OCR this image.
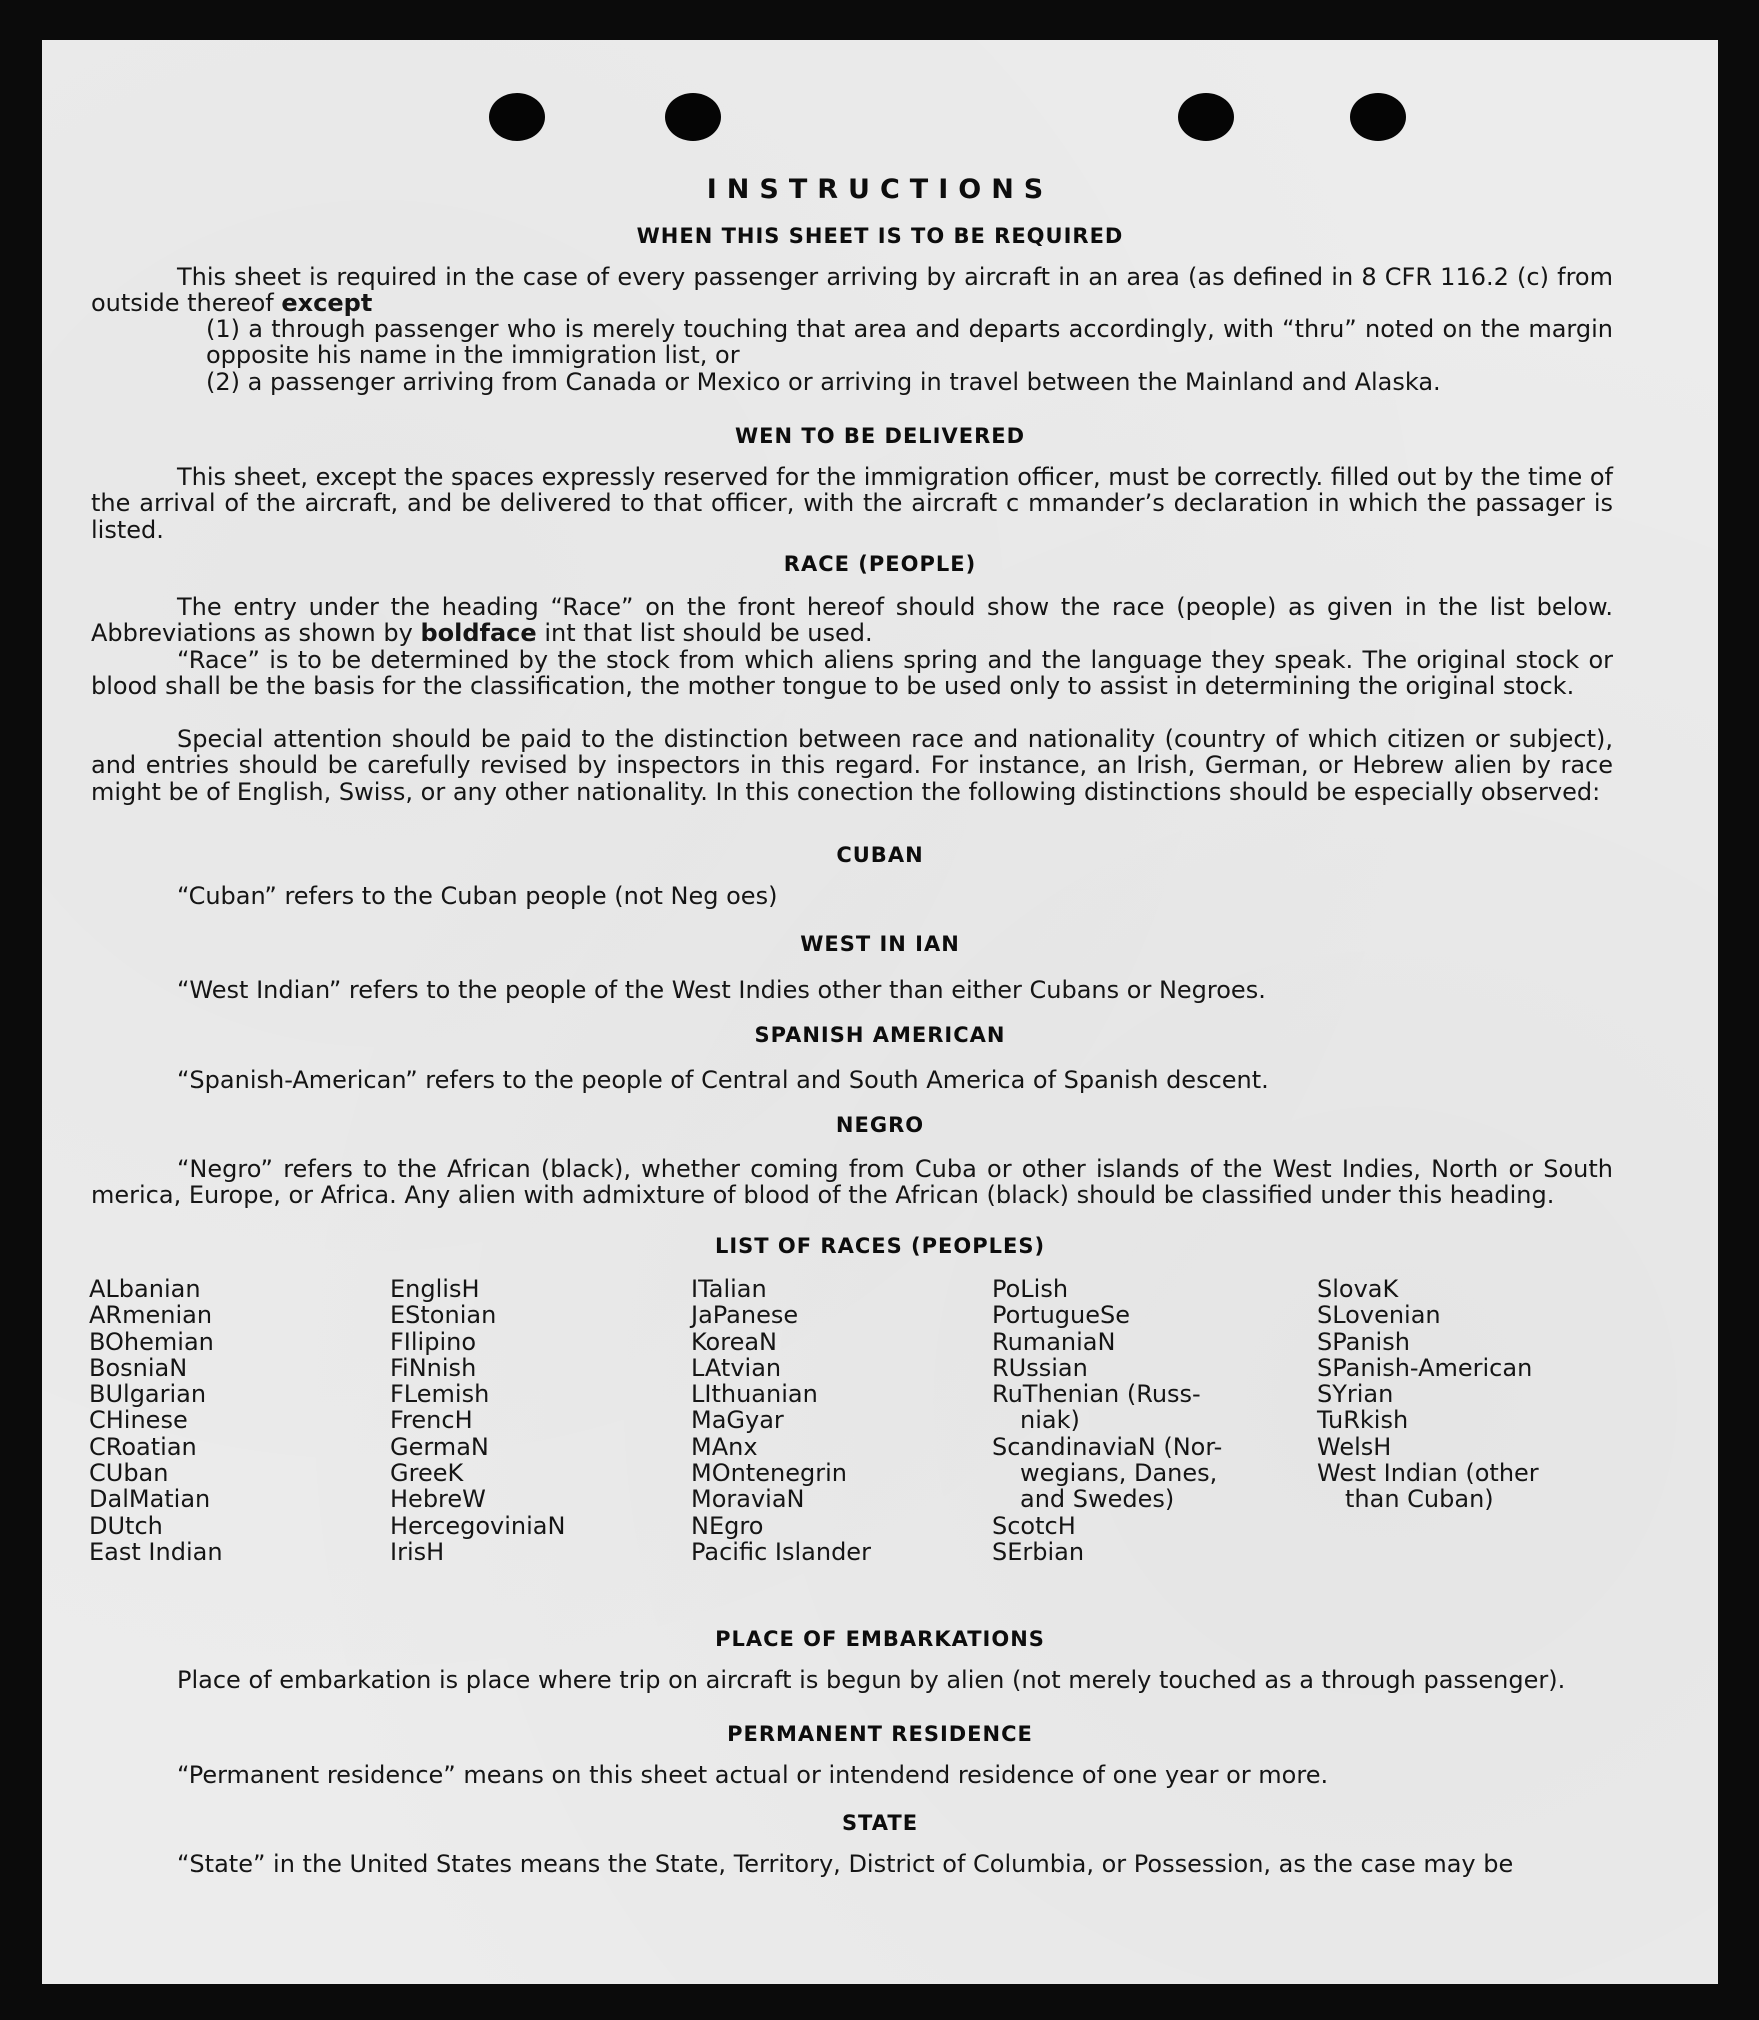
INSTRUCTIONS
WHEN THIS SHEET IS TO BE REQUIRED

This sheet is required in the case of every passenger arriving by aircraft in an area (as defined in 8 CFR 116.2 (c) from outside thereof except

(1) a through passenger who is merely touching that area and departs accordingly, with “thru” noted on the margin opposite his name in the immigration list, or

(2) a passenger arriving from Canada or Mexico or arriving in travel between the Mainland and Alaska.

WEN TO BE DELIVERED

This sheet, except the spaces expressly reserved for the immigration officer, must be correctly. filled out by the time of the arrival of the aircraft, and be delivered to that officer, with the aircraft c mmander’s declaration in which the passager is listed.

RACE (PEOPLE)

The entry under the heading “Race” on the front hereof should show the race (people) as given in the list below. Abbreviations as shown by boldface int that list should be used.

“Race” is to be determined by the stock from which aliens spring and the language they speak. The original stock or blood shall be the basis for the classification, the mother tongue to be used only to assist in determining the original stock.

Special attention should be paid to the distinction between race and nationality (country of which citizen or subject), and entries should be carefully revised by inspectors in this regard. For instance, an Irish, German, or Hebrew alien by race might be of English, Swiss, or any other nationality. In this conection the following distinctions should be especially observed:

CUBAN

“Cuban” refers to the Cuban people (not Neg oes)

WEST IN IAN

“West Indian” refers to the people of the West Indies other than either Cubans or Negroes.

SPANISH AMERICAN

“Spanish-American” refers to the people of Central and South America of Spanish descent.

NEGRO

“Negro” refers to the African (black), whether coming from Cuba or other islands of the West Indies, North or South merica, Europe, or Africa. Any alien with admixture of blood of the African (black) should be classified under this heading.

LIST OF RACES (PEOPLES)
ALbanian
ARmenian
BOhemian
BosniaN
BUlgarian
CHinese
CRoatian
CUban
DalMatian
DUtch
East Indian
EnglisH
EStonian
FIlipino
FiNnish
FLemish
FrencH
GermaN
GreeK
HebreW
HercegoviniaN
IrisH
ITalian
JaPanese
KoreaN
LAtvian
LIthuanian
MaGyar
MAnx
MOntenegrin
MoraviaN
NEgro
Pacific Islander
PoLish
PortugueSe
RumaniaN
RUssian
RuThenian (Russ-
niak)
ScandinaviaN (Nor-
wegians, Danes,
and Swedes)
ScotcH
SErbian
SlovaK
SLovenian
SPanish
SPanish-American
SYrian
TuRkish
WelsH
West Indian (other
than Cuban)
PLACE OF EMBARKATIONS

Place of embarkation is place where trip on aircraft is begun by alien (not merely touched as a through passenger).

PERMANENT RESIDENCE

“Permanent residence” means on this sheet actual or intendend residence of one year or more.

STATE

“State” in the United States means the State, Territory, District of Columbia, or Possession, as the case may be
